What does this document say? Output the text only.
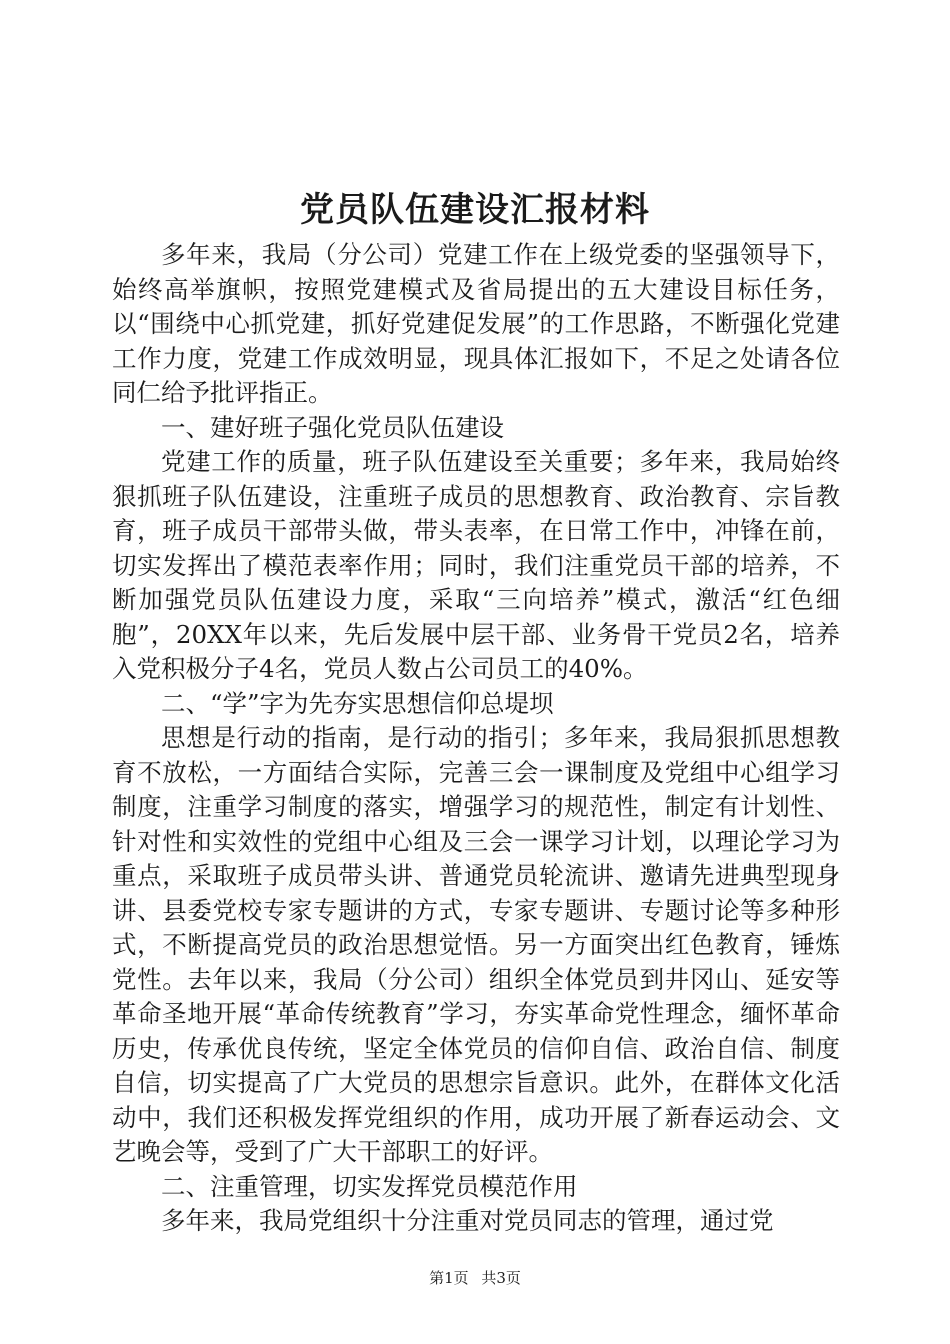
党员队伍建设汇报材料

多年来，我局（分公司）党建工作在上级党委的坚强领导下，始终高举旗帜，按照党建模式及省局提出的五大建设目标任务，以“围绕中心抓党建，抓好党建促发展”的工作思路，不断强化党建工作力度，党建工作成效明显，现具体汇报如下，不足之处请各位同仁给予批评指正。

一、建好班子强化党员队伍建设

党建工作的质量，班子队伍建设至关重要；多年来，我局始终狠抓班子队伍建设，注重班子成员的思想教育、政治教育、宗旨教育，班子成员干部带头做，带头表率，在日常工作中，冲锋在前，切实发挥出了模范表率作用；同时，我们注重党员干部的培养，不断加强党员队伍建设力度，采取“三向培养”模式，激活“红色细胞”，20XX年以来，先后发展中层干部、业务骨干党员2名，培养入党积极分子4名，党员人数占公司员工的40%。

二、“学”字为先夯实思想信仰总堤坝

思想是行动的指南，是行动的指引；多年来，我局狠抓思想教育不放松，一方面结合实际，完善三会一课制度及党组中心组学习制度，注重学习制度的落实，增强学习的规范性，制定有计划性、针对性和实效性的党组中心组及三会一课学习计划，以理论学习为重点，采取班子成员带头讲、普通党员轮流讲、邀请先进典型现身讲、县委党校专家专题讲的方式，专家专题讲、专题讨论等多种形式，不断提高党员的政治思想觉悟。另一方面突出红色教育，锤炼党性。去年以来，我局（分公司）组织全体党员到井冈山、延安等革命圣地开展“革命传统教育”学习，夯实革命党性理念，缅怀革命历史，传承优良传统，坚定全体党员的信仰自信、政治自信、制度自信，切实提高了广大党员的思想宗旨意识。此外，在群体文化活动中，我们还积极发挥党组织的作用，成功开展了新春运动会、文艺晚会等，受到了广大干部职工的好评。

二、注重管理，切实发挥党员模范作用

多年来，我局党组织十分注重对党员同志的管理，通过党

第1页 共3页
